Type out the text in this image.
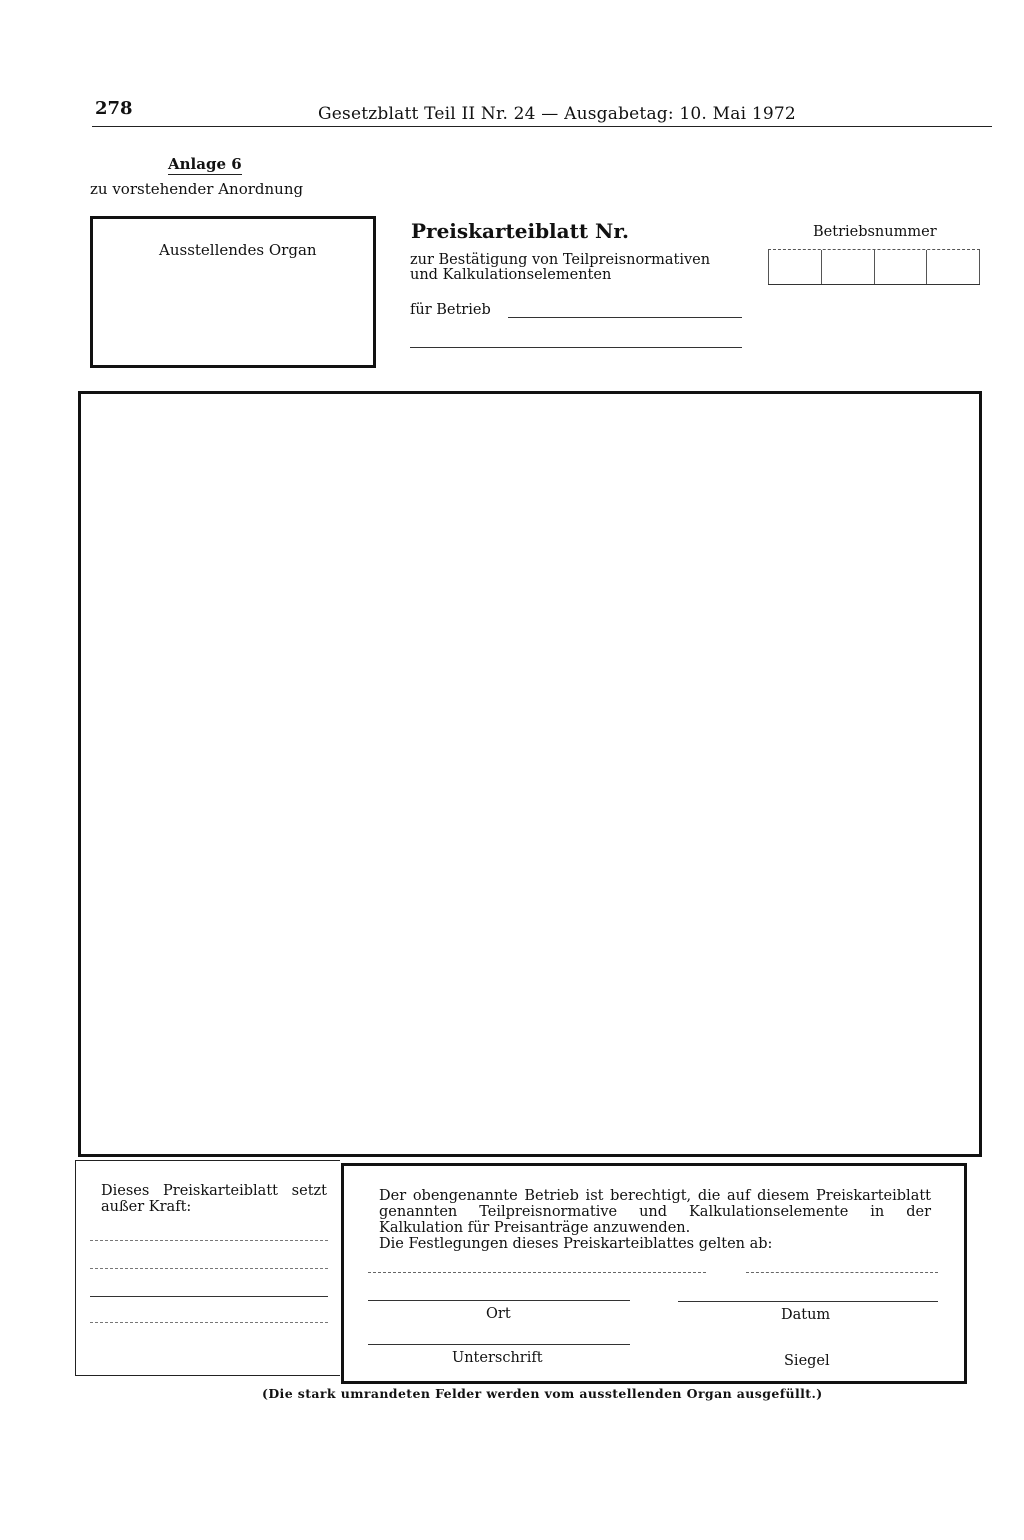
278	Gesetzblatt Teil II Nr. 24 — Ausgabetag: 10. Mai 1972
Anlage 6
zu vorstehender Anordnung
Ausstellendes Organ
Preiskarteiblatt Nr.
zur Bestätigung von Teilpreisnormativen
und Kalkulationselementen
für Betrieb
Betriebsnummer
Dieses Preiskarteiblatt setzt außer Kraft:
Der obengenannte Betrieb ist berechtigt, die auf diesem Preiskarteiblatt genannten Teilpreisnormative und Kalkulationselemente in der Kalkulation für Preisanträge anzuwenden.
Die Festlegungen dieses Preiskarteiblattes gelten ab:
Ort	Datum
Unterschrift	Siegel
(Die stark umrandeten Felder werden vom ausstellenden Organ ausgefüllt.)
